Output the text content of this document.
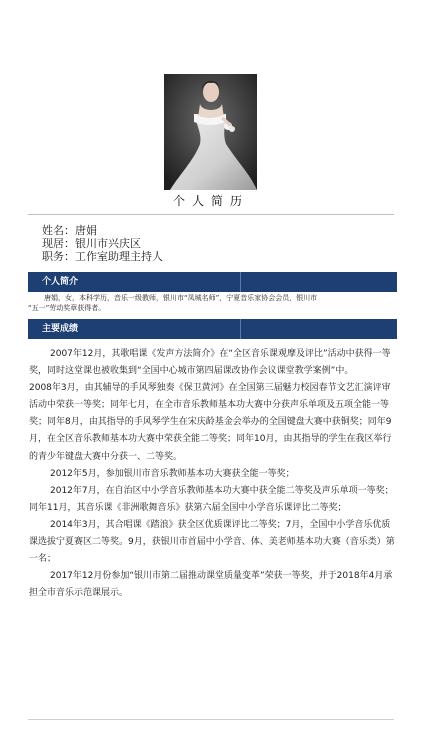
个人简历
姓名：唐娟
现居：银川市兴庆区
职务：工作室助理主持人
个人简介
唐娟，女，本科学历，音乐一级教师，银川市“凤城名师”，宁夏音乐家协会会员，银川市
“五一”劳动奖章获得者。
主要成绩

2007年12月，其歌唱课《发声方法简介》在“全区音乐课观摩及评比”活动中获得一等奖，同时这堂课也被收集到“全国中心城市第四届课改协作会议课堂教学案例”中。

2008年3月，由其辅导的手风琴独奏《保卫黄河》在全国第三届魅力校园春节文艺汇演评审活动中荣获一等奖；同年七月，在全市音乐教师基本功大赛中分获声乐单项及五项全能一等奖；同年8月，由其指导的手风琴学生在宋庆龄基金会举办的全国键盘大赛中获铜奖；同年9月，在全区音乐教师基本功大赛中荣获全能二等奖；同年10月，由其指导的学生在我区举行的青少年键盘大赛中分获一、二等奖。

2012年5月，参加银川市音乐教师基本功大赛获全能一等奖；

2012年7月，在自治区中小学音乐教师基本功大赛中获全能二等奖及声乐单项一等奖；同年11月，其音乐课《非洲歌舞音乐》获第六届全国中小学音乐课评比二等奖；

2014年3月，其合唱课《踏浪》获全区优质课评比二等奖；7月，全国中小学音乐优质课选拔宁夏赛区二等奖。9月，获银川市首届中小学音、体、美老师基本功大赛（音乐类）第一名；

2017年12月份参加“银川市第二届推动课堂质量变革”荣获一等奖，并于2018年4月承担全市音乐示范课展示。
